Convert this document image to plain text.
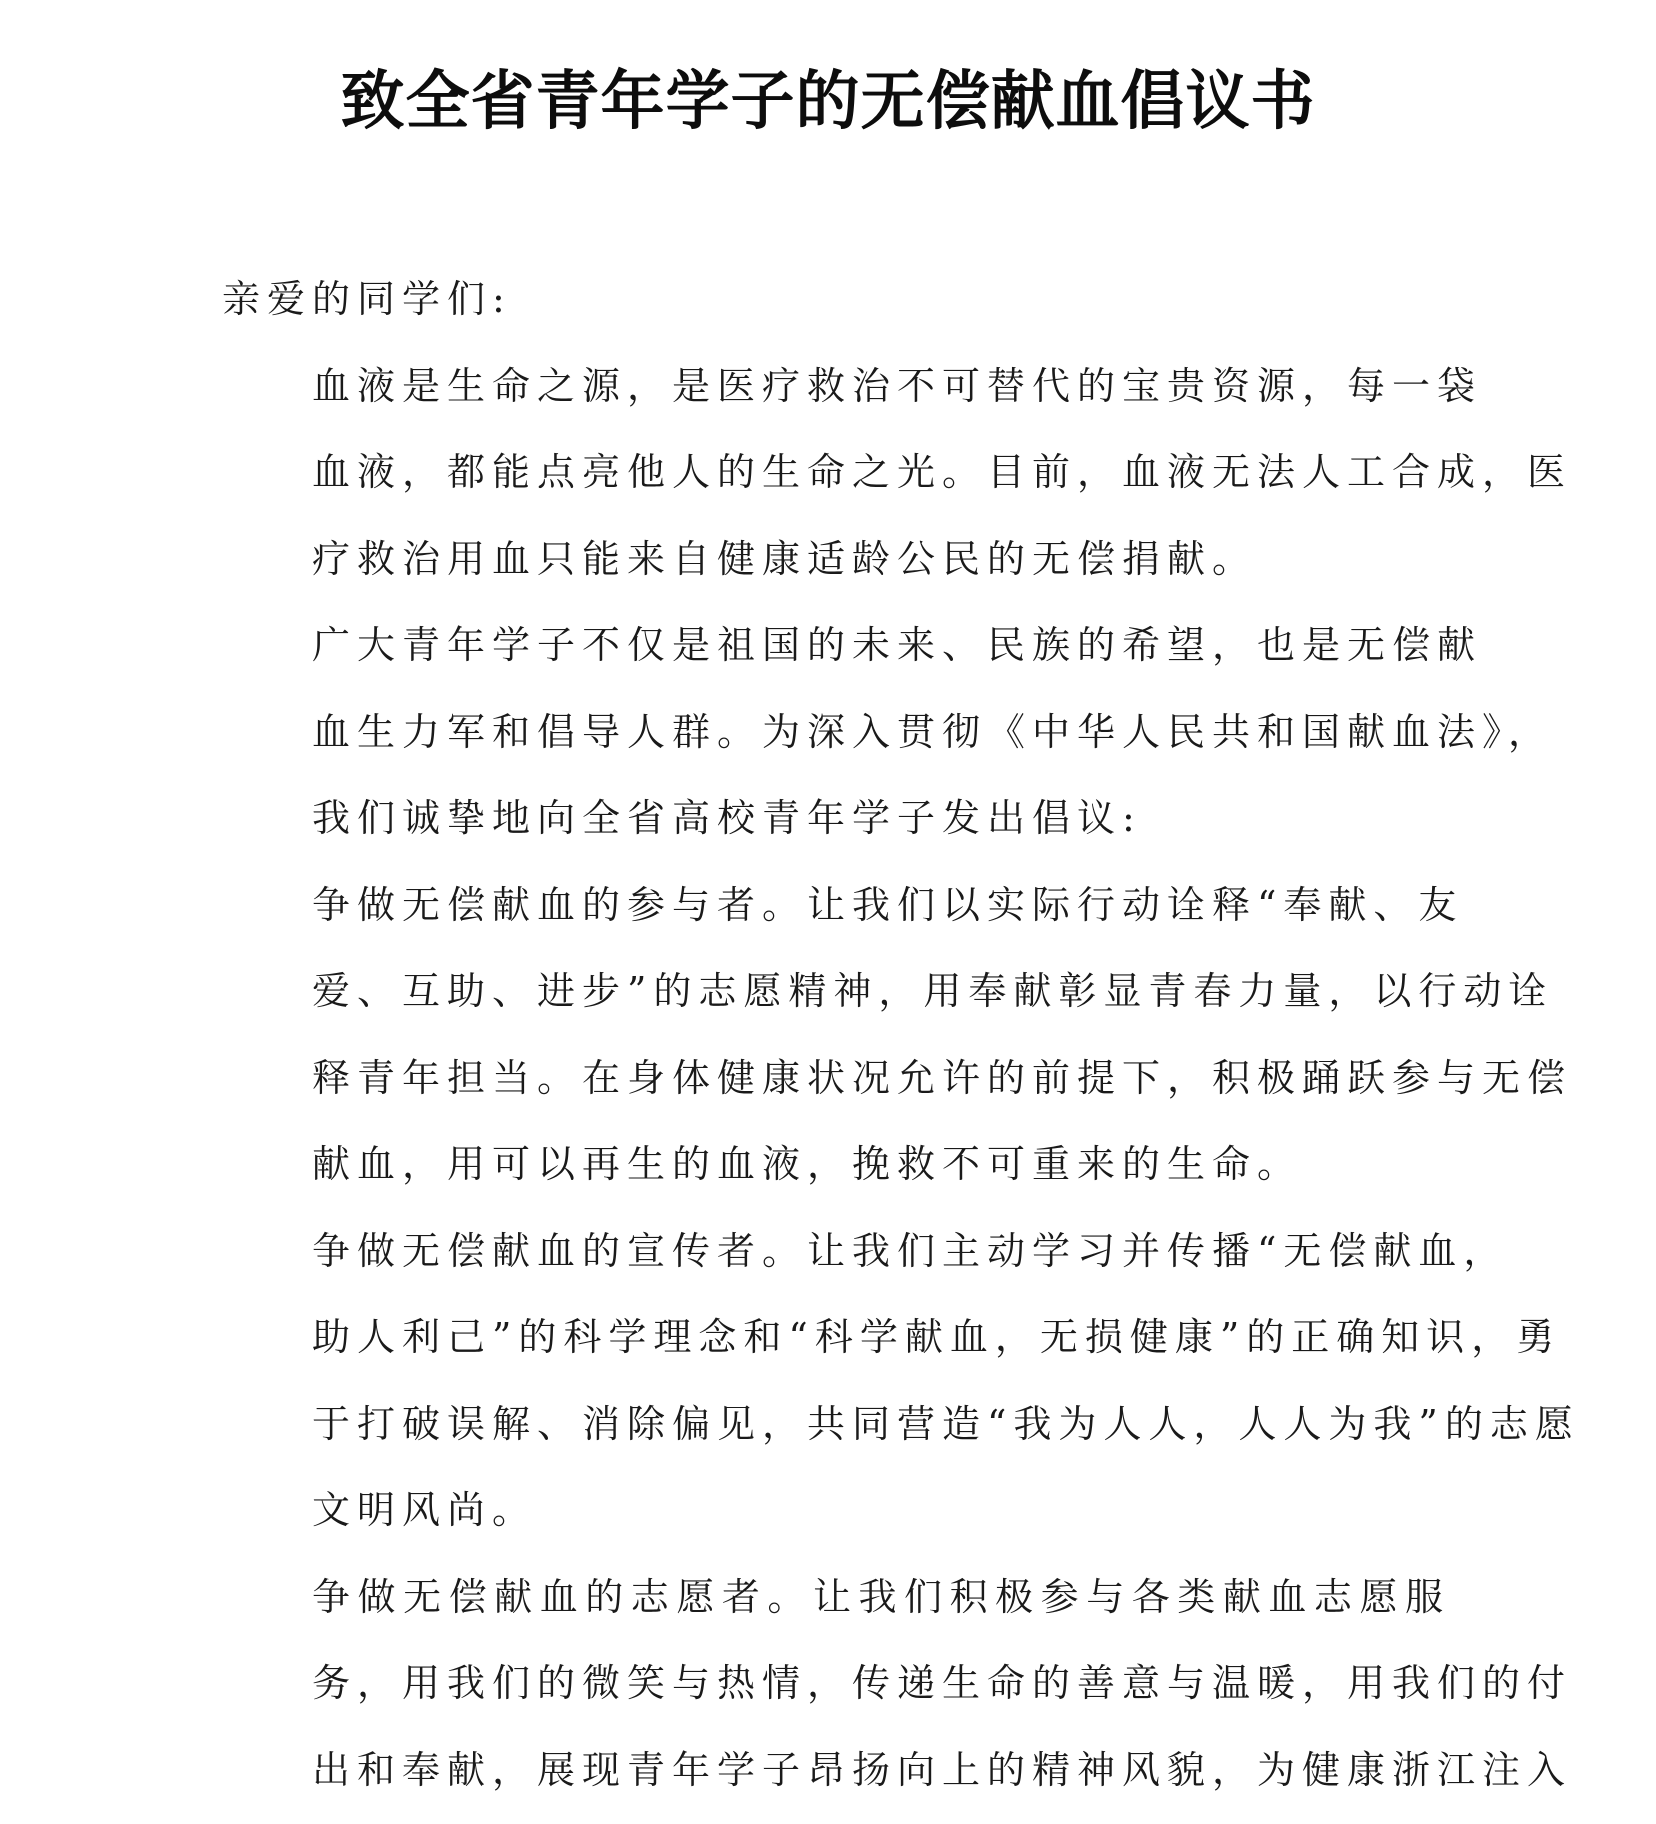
致全省青年学子的无偿献血倡议书

亲爱的同学们:

血液是生命之源，是医疗救治不可替代的宝贵资源，每一袋
血液，都能点亮他人的生命之光。目前，血液无法人工合成，医
疗救治用血只能来自健康适龄公民的无偿捐献。

广大青年学子不仅是祖国的未来、民族的希望，也是无偿献
血生力军和倡导人群。为深入贯彻《中华人民共和国献血法》，
我们诚挚地向全省高校青年学子发出倡议:

争做无偿献血的参与者。让我们以实际行动诠释“奉献、友
爱、互助、进步”的志愿精神，用奉献彰显青春力量，以行动诠
释青年担当。在身体健康状况允许的前提下，积极踊跃参与无偿
献血，用可以再生的血液，挽救不可重来的生命。

争做无偿献血的宣传者。让我们主动学习并传播“无偿献血，
助人利己”的科学理念和“科学献血，无损健康”的正确知识，勇
于打破误解、消除偏见，共同营造“我为人人，人人为我”的志愿
文明风尚。

争做无偿献血的志愿者。让我们积极参与各类献血志愿服
务，用我们的微笑与热情，传递生命的善意与温暖，用我们的付
出和奉献，展现青年学子昂扬向上的精神风貌，为健康浙江注入
